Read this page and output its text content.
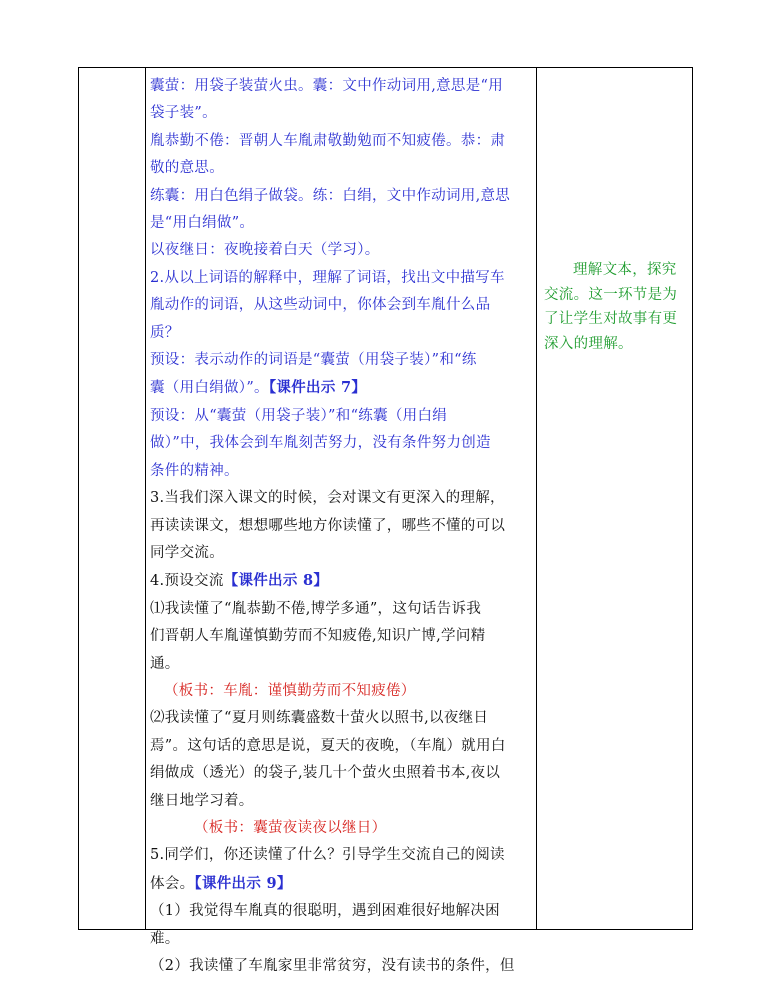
囊萤：用袋子装萤火虫。囊：文中作动词用,意思是“用

袋子装”。

胤恭勤不倦：晋朝人车胤肃敬勤勉而不知疲倦。恭：肃

敬的意思。

练囊：用白色绢子做袋。练：白绢，文中作动词用,意思

是“用白绢做”。

以夜继日：夜晚接着白天（学习）。

2.从以上词语的解释中，理解了词语，找出文中描写车

胤动作的词语，从这些动词中，你体会到车胤什么品

质？

预设：表示动作的词语是“囊萤（用袋子装）”和“练

囊（用白绢做）”。【课件出示 7】

预设：从“囊萤（用袋子装）”和“练囊（用白绢

做）”中，我体会到车胤刻苦努力，没有条件努力创造

条件的精神。

3.当我们深入课文的时候，会对课文有更深入的理解，

再读读课文，想想哪些地方你读懂了，哪些不懂的可以

同学交流。

4.预设交流【课件出示 8】

⑴我读懂了“胤恭勤不倦,博学多通”，这句话告诉我

们晋朝人车胤谨慎勤劳而不知疲倦,知识广博,学问精

通。

（板书：车胤：谨慎勤劳而不知疲倦）

⑵我读懂了“夏月则练囊盛数十萤火以照书,以夜继日

焉”。这句话的意思是说，夏天的夜晚，（车胤）就用白

绢做成（透光）的袋子,装几十个萤火虫照着书本,夜以

继日地学习着。

（板书：囊萤夜读夜以继日）

5.同学们，你还读懂了什么？引导学生交流自己的阅读

体会。【课件出示 9】

（1）我觉得车胤真的很聪明，遇到困难很好地解决困

难。

（2）我读懂了车胤家里非常贫穷，没有读书的条件，但

理解文本，探究交流。这一环节是为了让学生对故事有更深入的理解。
